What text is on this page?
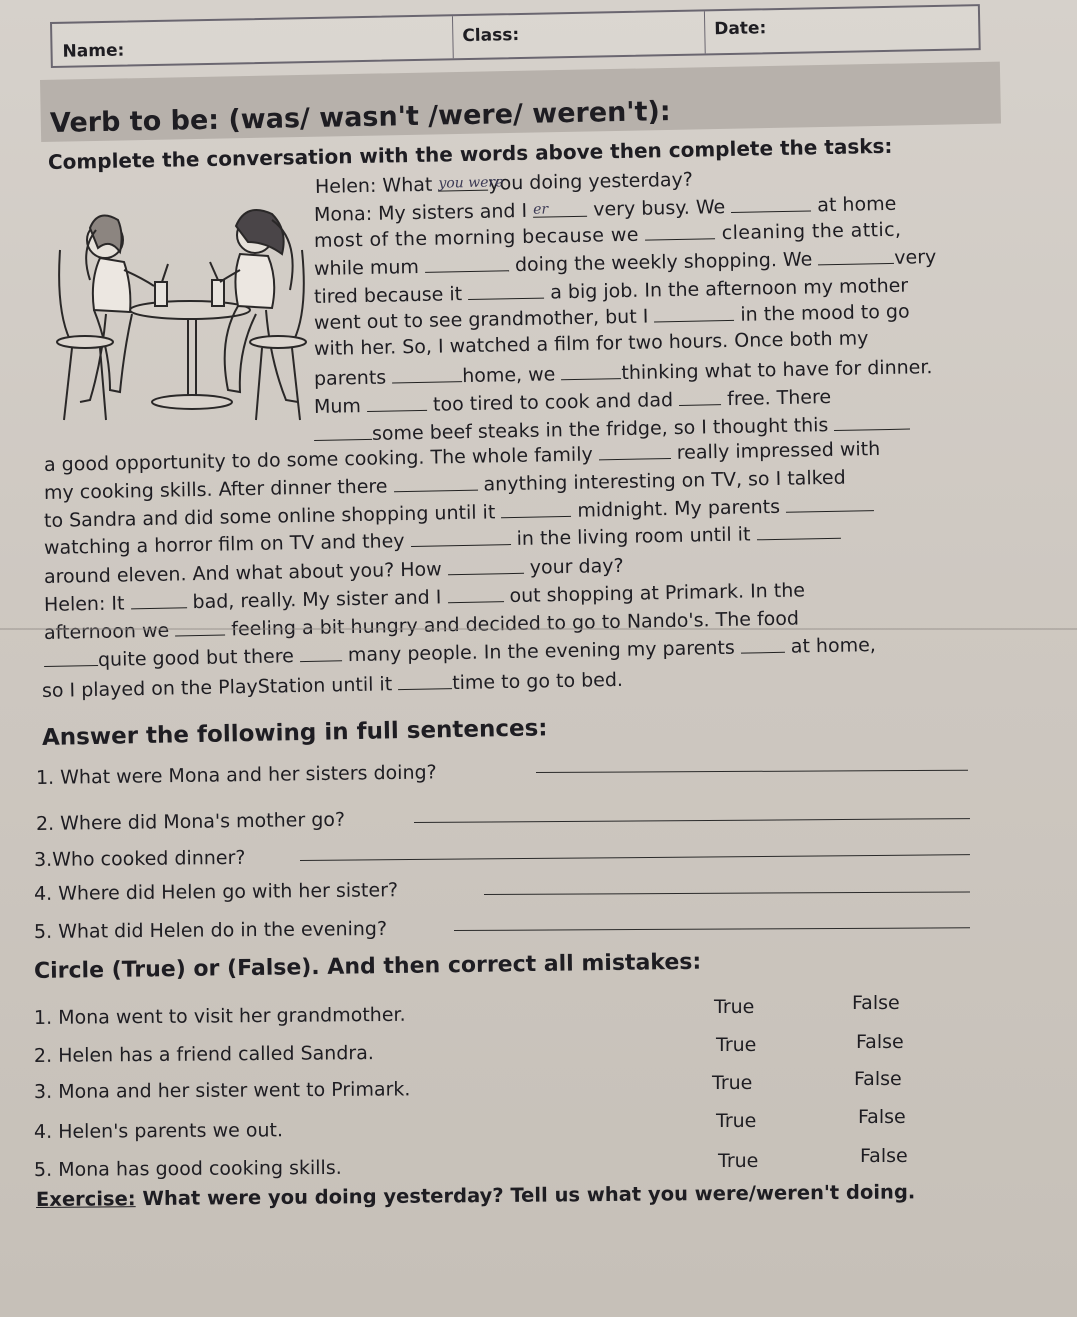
Name:
Class:	Date:
Verb to be: (was/ wasn't /were/ weren't):
Complete the conversation with the words above then complete the tasks:
Helen: What you wereyou doing yesterday?
Mona: My sisters and I er very busy. We	at home
most of the morning because we	cleaning the attic,
while mum	doing the weekly shopping. We	very
tired because it	a big job. In the afternoon my mother
went out to see grandmother, but I	in the mood to go
with her. So, I watched a film for two hours. Once both my
parents	home, we	thinking what to have for dinner.
Mum	too tired to cook and dad	free. There
some beef steaks in the fridge, so I thought this
a good opportunity to do some cooking. The whole family	really impressed with
my cooking skills. After dinner there	anything interesting on TV, so I talked
to Sandra and did some online shopping until it	midnight. My parents
watching a horror film on TV and they	in the living room until it
around eleven. And what about you? How	your day?
Helen: It	bad, really. My sister and I	out shopping at Primark. In the
afternoon we	feeling a bit hungry and decided to go to Nando's. The food
quite good but there	many people. In the evening my parents	at home,
so I played on the PlayStation until it	time to go to bed.
Answer the following in full sentences:
1. What were Mona and her sisters doing?
2. Where did Mona's mother go?
3.Who cooked dinner?
4. Where did Helen go with her sister?
5. What did Helen do in the evening?
Circle (True) or (False). And then correct all mistakes:
1. Mona went to visit her grandmother.	True	False
2. Helen has a friend called Sandra.	True	False
3. Mona and her sister went to Primark.	True	False
4. Helen's parents we out.	True	False
5. Mona has good cooking skills.	True	False
Exercise: What were you doing yesterday? Tell us what you were/weren't doing.
